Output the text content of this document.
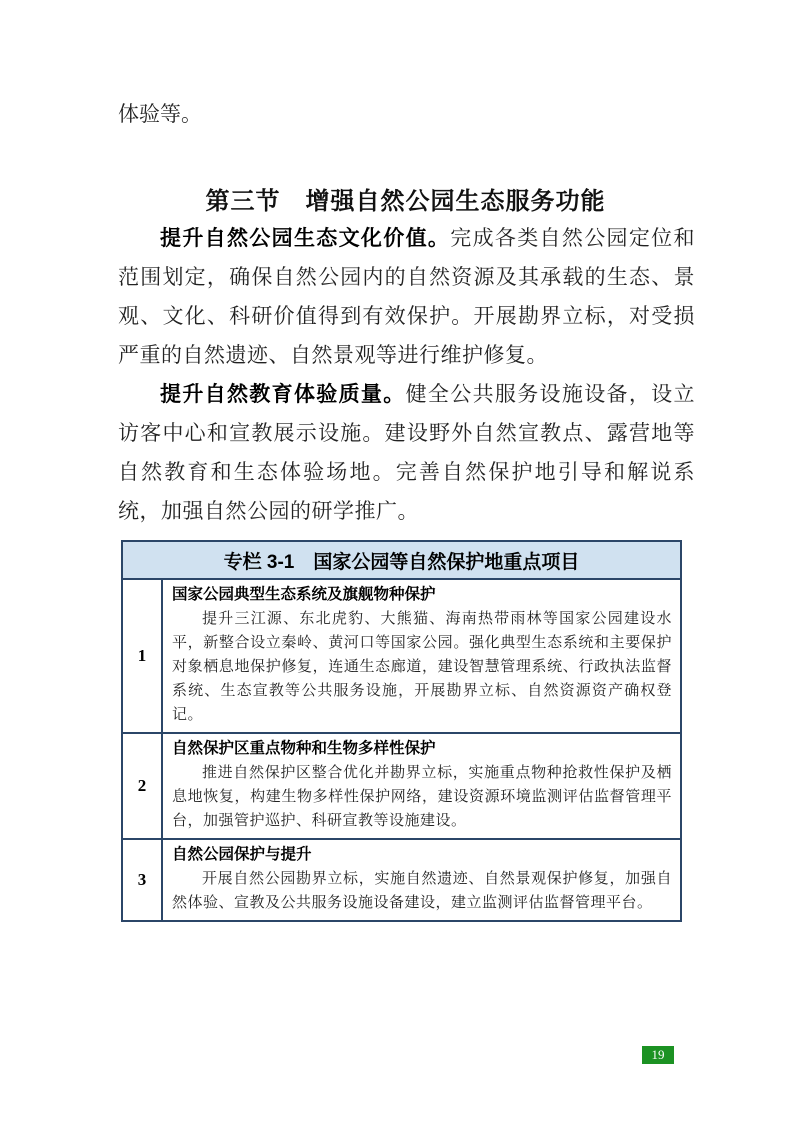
体验等。

第三节　增强自然公园生态服务功能

提升自然公园生态文化价值。完成各类自然公园定位和范围划定，确保自然公园内的自然资源及其承载的生态、景观、文化、科研价值得到有效保护。开展勘界立标，对受损严重的自然遗迹、自然景观等进行维护修复。

提升自然教育体验质量。健全公共服务设施设备，设立访客中心和宣教展示设施。建设野外自然宣教点、露营地等自然教育和生态体验场地。完善自然保护地引导和解说系统，加强自然公园的研学推广。

专栏 3-1　国家公园等自然保护地重点项目
1
国家公园典型生态系统及旗舰物种保护
提升三江源、东北虎豹、大熊猫、海南热带雨林等国家公园建设水平，新整合设立秦岭、黄河口等国家公园。强化典型生态系统和主要保护对象栖息地保护修复，连通生态廊道，建设智慧管理系统、行政执法监督系统、生态宣教等公共服务设施，开展勘界立标、自然资源资产确权登记。
2
自然保护区重点物种和生物多样性保护
推进自然保护区整合优化并勘界立标，实施重点物种抢救性保护及栖息地恢复，构建生物多样性保护网络，建设资源环境监测评估监督管理平台，加强管护巡护、科研宣教等设施建设。
3
自然公园保护与提升
开展自然公园勘界立标，实施自然遗迹、自然景观保护修复，加强自然体验、宣教及公共服务设施设备建设，建立监测评估监督管理平台。
19
